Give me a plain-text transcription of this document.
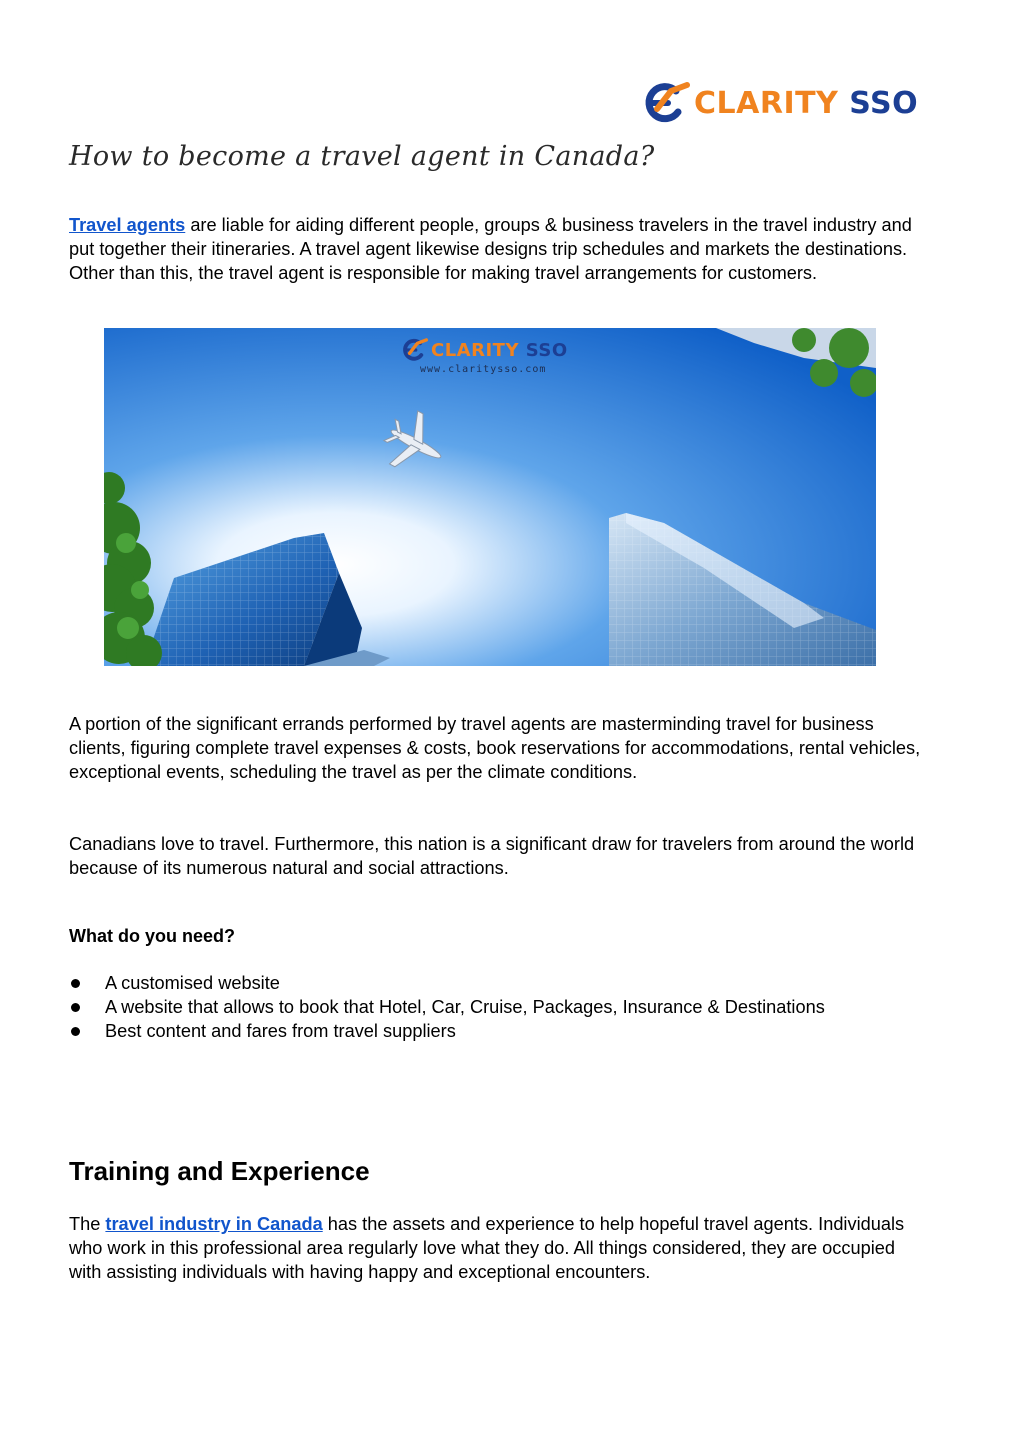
CLARITY SSO
How to become a travel agent in Canada?

Travel agents are liable for aiding different people, groups & business travelers in the travel industry and put together their itineraries. A travel agent likewise designs trip schedules and markets the destinations. Other than this, the travel agent is responsible for making travel arrangements for customers.

CLARITY SSO
www.claritysso.com

A portion of the significant errands performed by travel agents are masterminding travel for business clients, figuring complete travel expenses & costs, book reservations for accommodations, rental vehicles, exceptional events, scheduling the travel as per the climate conditions.

Canadians love to travel. Furthermore, this nation is a significant draw for travelers from around the world because of its numerous natural and social attractions.

What do you need?
A customised website
A website that allows to book that Hotel, Car, Cruise, Packages, Insurance & Destinations
Best content and fares from travel suppliers
Training and Experience

The travel industry in Canada has the assets and experience to help hopeful travel agents. Individuals who work in this professional area regularly love what they do. All things considered, they are occupied with assisting individuals with having happy and exceptional encounters.
